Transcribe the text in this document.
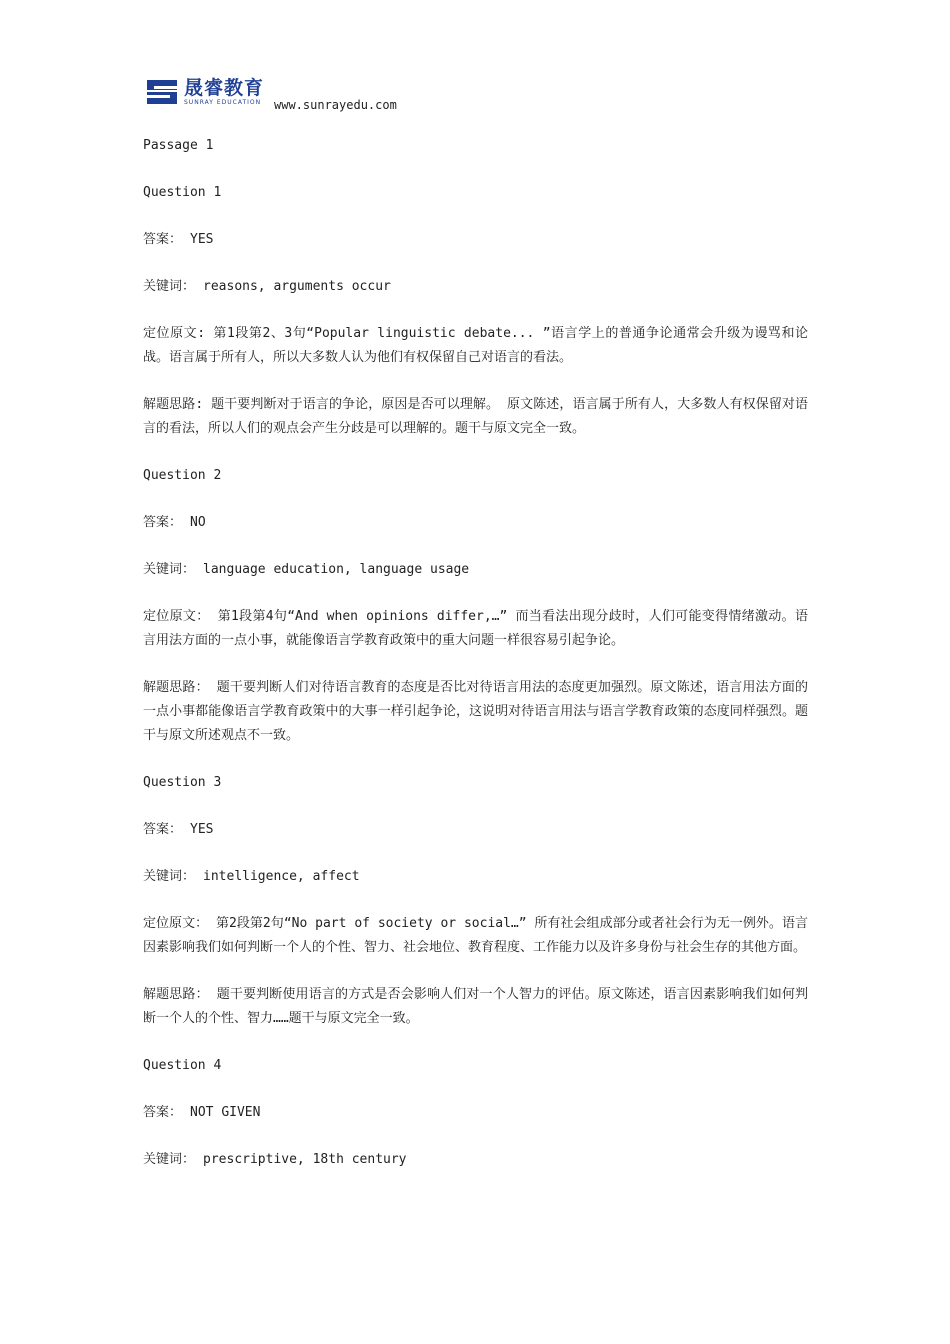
晟睿教育
SUNRAY EDUCATION www.sunrayedu.com

Passage 1

Question 1

答案： YES

关键词： reasons, arguments occur

定位原文: 第1段第2、3句“Popular linguistic debate... ”语言学上的普通争论通常会升级为谩骂和论战。语言属于所有人，所以大多数人认为他们有权保留自己对语言的看法。

解题思路: 题干要判断对于语言的争论，原因是否可以理解。 原文陈述，语言属于所有人，大多数人有权保留对语言的看法，所以人们的观点会产生分歧是可以理解的。题干与原文完全一致。

Question 2

答案： NO

关键词： language education, language usage

定位原文： 第1段第4句“And when opinions differ,…” 而当看法出现分歧时，人们可能变得情绪激动。语言用法方面的一点小事，就能像语言学教育政策中的重大问题一样很容易引起争论。

解题思路： 题干要判断人们对待语言教育的态度是否比对待语言用法的态度更加强烈。原文陈述，语言用法方面的一点小事都能像语言学教育政策中的大事一样引起争论，这说明对待语言用法与语言学教育政策的态度同样强烈。题干与原文所述观点不一致。

Question 3

答案： YES

关键词： intelligence, affect

定位原文： 第2段第2句“No part of society or social…” 所有社会组成部分或者社会行为无一例外。语言因素影响我们如何判断一个人的个性、智力、社会地位、教育程度、工作能力以及许多身份与社会生存的其他方面。

解题思路： 题干要判断使用语言的方式是否会影响人们对一个人智力的评估。原文陈述，语言因素影响我们如何判断一个人的个性、智力……题干与原文完全一致。

Question 4

答案： NOT GIVEN

关键词： prescriptive, 18th century
